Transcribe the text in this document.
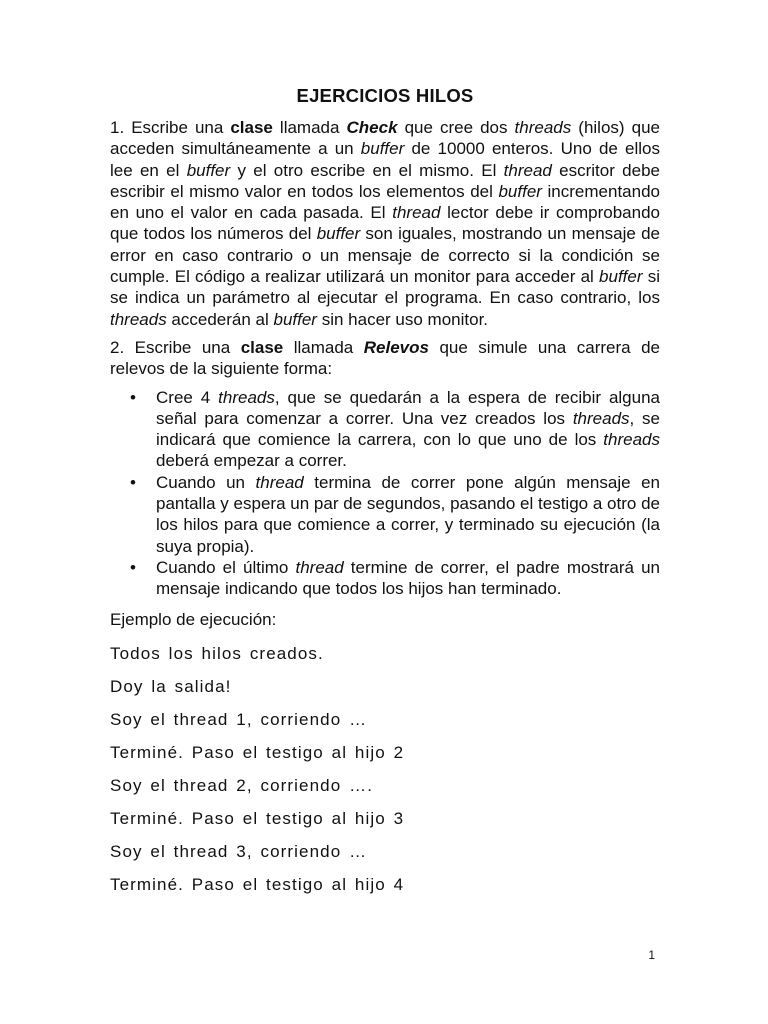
EJERCICIOS HILOS

1. Escribe una clase llamada Check que cree dos threads (hilos) que acceden simultáneamente a un buffer de 10000 enteros. Uno de ellos lee en el buffer y el otro escribe en el mismo. El thread escritor debe escribir el mismo valor en todos los elementos del buffer incrementando en uno el valor en cada pasada. El thread lector debe ir comprobando que todos los números del buffer son iguales, mostrando un mensaje de error en caso contrario o un mensaje de correcto si la condición se cumple. El código a realizar utilizará un monitor para acceder al buffer si se indica un parámetro al ejecutar el programa. En caso contrario, los threads accederán al buffer sin hacer uso monitor.

2. Escribe una clase llamada Relevos que simule una carrera de relevos de la siguiente forma:

• Cree 4 threads, que se quedarán a la espera de recibir alguna señal para comenzar a correr. Una vez creados los threads, se indicará que comience la carrera, con lo que uno de los threads deberá empezar a correr.
• Cuando un thread termina de correr pone algún mensaje en pantalla y espera un par de segundos, pasando el testigo a otro de los hilos para que comience a correr, y terminado su ejecución (la suya propia).
• Cuando el último thread termine de correr, el padre mostrará un mensaje indicando que todos los hijos han terminado.

Ejemplo de ejecución:

Todos los hilos creados.
Doy la salida!
Soy el thread 1, corriendo …
Terminé. Paso el testigo al hijo 2
Soy el thread 2, corriendo ….
Terminé. Paso el testigo al hijo 3
Soy el thread 3, corriendo …
Terminé. Paso el testigo al hijo 4
1
